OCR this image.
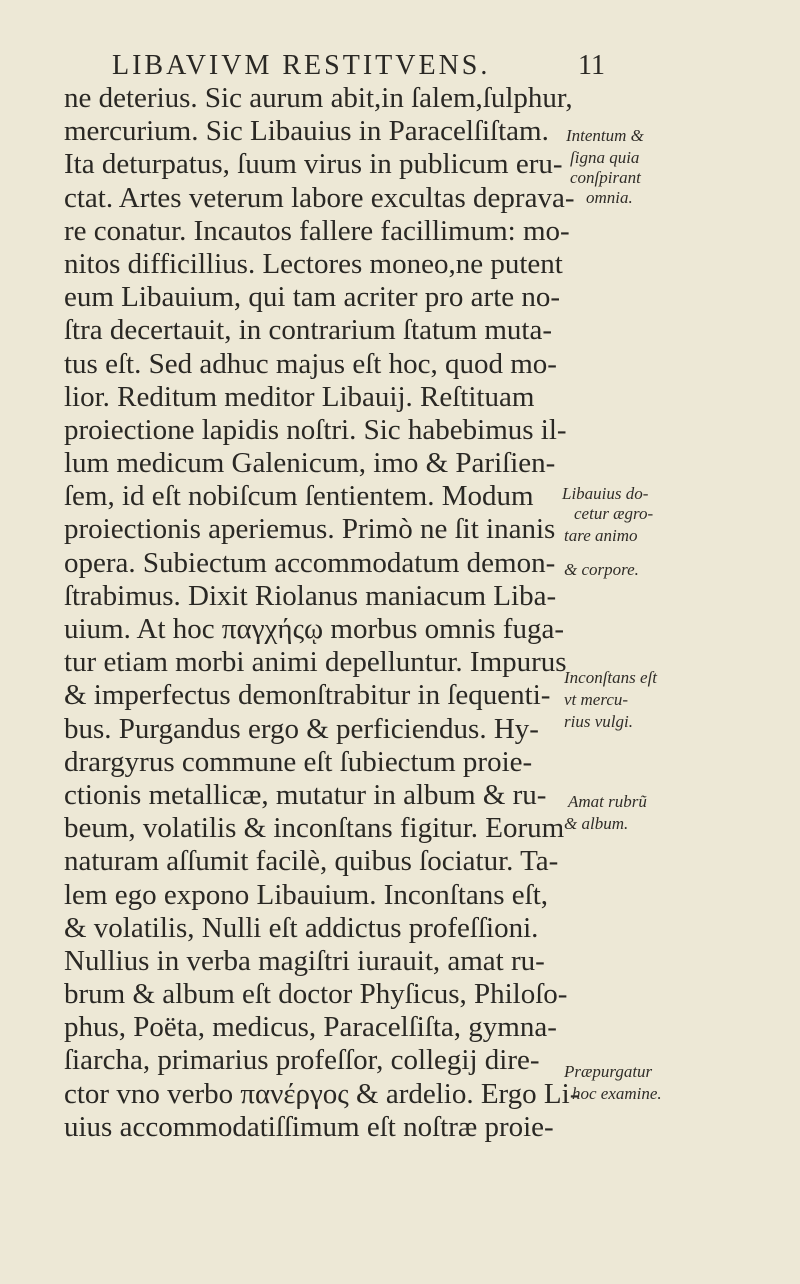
LIBAVIVM RESTITVENS.	11
ne deterius. Sic aurum abit,in ſalem,ſulphur,
mercurium. Sic Libauius in Paracelſiſtam.
Ita deturpatus, ſuum virus in publicum eru-
ctat. Artes veterum labore excultas deprava-
re conatur. Incautos fallere facillimum: mo-
nitos difficillius. Lectores moneo,ne putent
eum Libauium, qui tam acriter pro arte no-
ſtra decertauit, in contrarium ſtatum muta-
tus eſt. Sed adhuc majus eſt hoc, quod mo-
lior. Reditum meditor Libauij. Reſtituam
proiectione lapidis noſtri. Sic habebimus il-
lum medicum Galenicum, imo & Pariſien-
ſem, id eſt nobiſcum ſentientem. Modum
proiectionis aperiemus. Primò ne ſit inanis
opera. Subiectum accommodatum demon-
ſtrabimus. Dixit Riolanus maniacum Liba-
uium. At hoc παγχήςῳ morbus omnis fuga-
tur etiam morbi animi depelluntur. Impurus
& imperfectus demonſtrabitur in ſequenti-
bus. Purgandus ergo & perficiendus. Hy-
drargyrus commune eſt ſubiectum proie-
ctionis metallicæ, mutatur in album & ru-
beum, volatilis & inconſtans figitur. Eorum
naturam aſſumit facilè, quibus ſociatur. Ta-
lem ego expono Libauium. Inconſtans eſt,
& volatilis, Nulli eſt addictus profeſſioni.
Nullius in verba magiſtri iurauit, amat ru-
brum & album eſt doctor Phyſicus, Philoſo-
phus, Poëta, medicus, Paracelſiſta, gymna-
ſiarcha, primarius profeſſor, collegij dire-
ctor vno verbo πανέργος & ardelio. Ergo Li-
uius accommodatiſſimum eſt noſtræ proie-
Intentum &
ſigna quia
conſpirant
omnia.
Libauius do-
cetur ægro-
tare animo
& corpore.
Inconſtans eſt
vt mercu-
rius vulgi.
Amat rubrũ
& album.
Præpurgatur
hoc examine.
